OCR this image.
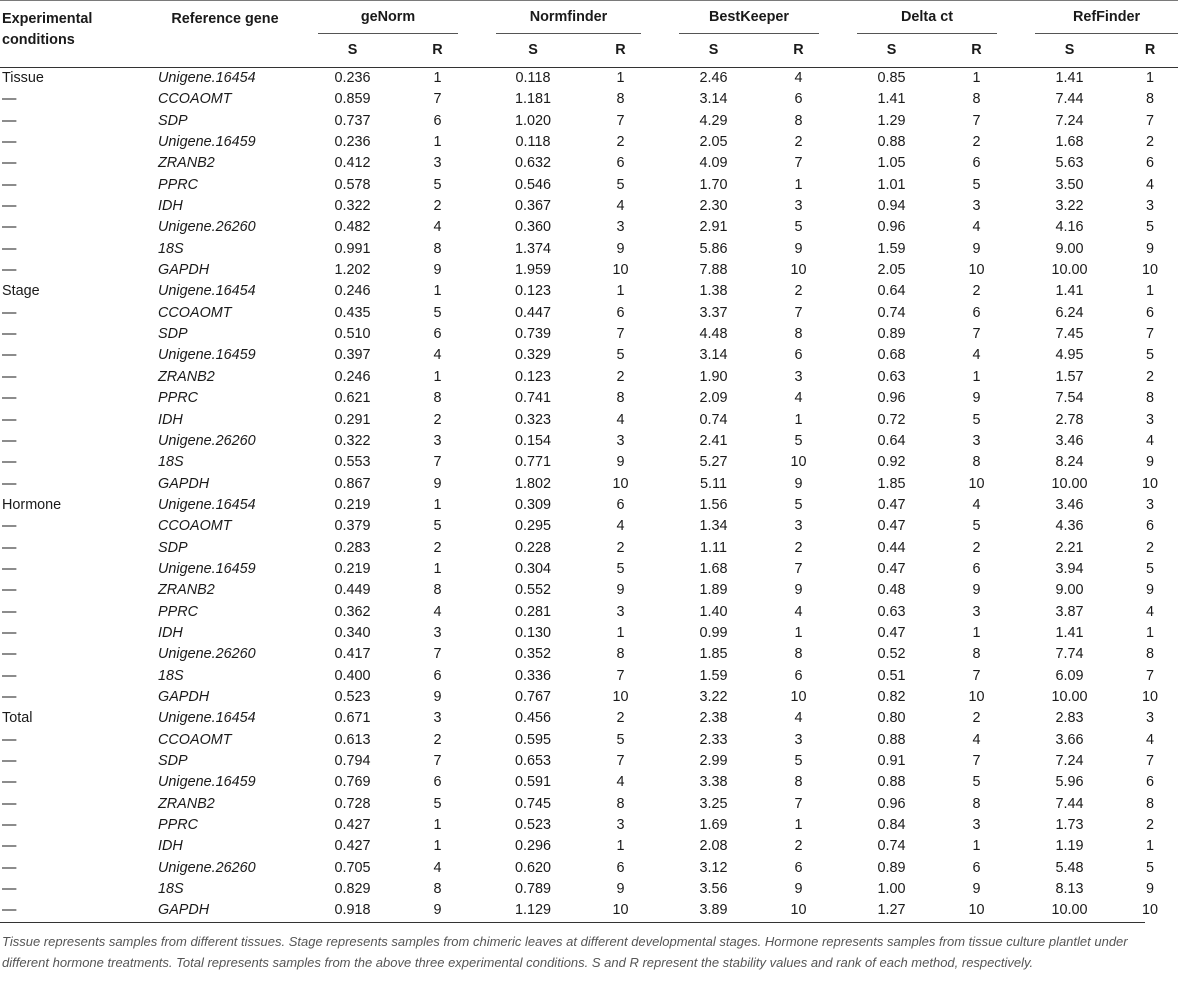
Experimental conditions	Reference gene	geNorm			Normfinder			BestKeeper			Delta ct			RefFinder	

		S	R		S	R		S	R		S	R		S	R
Tissue	Unigene.16454	0.236	1		0.118	1		2.46	4		0.85	1		1.41	1
—	CCOAOMT	0.859	7		1.181	8		3.14	6		1.41	8		7.44	8
—	SDP	0.737	6		1.020	7		4.29	8		1.29	7		7.24	7
—	Unigene.16459	0.236	1		0.118	2		2.05	2		0.88	2		1.68	2
—	ZRANB2	0.412	3		0.632	6		4.09	7		1.05	6		5.63	6
—	PPRC	0.578	5		0.546	5		1.70	1		1.01	5		3.50	4
—	IDH	0.322	2		0.367	4		2.30	3		0.94	3		3.22	3
—	Unigene.26260	0.482	4		0.360	3		2.91	5		0.96	4		4.16	5
—	18S	0.991	8		1.374	9		5.86	9		1.59	9		9.00	9
—	GAPDH	1.202	9		1.959	10		7.88	10		2.05	10		10.00	10
Stage	Unigene.16454	0.246	1		0.123	1		1.38	2		0.64	2		1.41	1
—	CCOAOMT	0.435	5		0.447	6		3.37	7		0.74	6		6.24	6
—	SDP	0.510	6		0.739	7		4.48	8		0.89	7		7.45	7
—	Unigene.16459	0.397	4		0.329	5		3.14	6		0.68	4		4.95	5
—	ZRANB2	0.246	1		0.123	2		1.90	3		0.63	1		1.57	2
—	PPRC	0.621	8		0.741	8		2.09	4		0.96	9		7.54	8
—	IDH	0.291	2		0.323	4		0.74	1		0.72	5		2.78	3
—	Unigene.26260	0.322	3		0.154	3		2.41	5		0.64	3		3.46	4
—	18S	0.553	7		0.771	9		5.27	10		0.92	8		8.24	9
—	GAPDH	0.867	9		1.802	10		5.11	9		1.85	10		10.00	10
Hormone	Unigene.16454	0.219	1		0.309	6		1.56	5		0.47	4		3.46	3
—	CCOAOMT	0.379	5		0.295	4		1.34	3		0.47	5		4.36	6
—	SDP	0.283	2		0.228	2		1.11	2		0.44	2		2.21	2
—	Unigene.16459	0.219	1		0.304	5		1.68	7		0.47	6		3.94	5
—	ZRANB2	0.449	8		0.552	9		1.89	9		0.48	9		9.00	9
—	PPRC	0.362	4		0.281	3		1.40	4		0.63	3		3.87	4
—	IDH	0.340	3		0.130	1		0.99	1		0.47	1		1.41	1
—	Unigene.26260	0.417	7		0.352	8		1.85	8		0.52	8		7.74	8
—	18S	0.400	6		0.336	7		1.59	6		0.51	7		6.09	7
—	GAPDH	0.523	9		0.767	10		3.22	10		0.82	10		10.00	10
Total	Unigene.16454	0.671	3		0.456	2		2.38	4		0.80	2		2.83	3
—	CCOAOMT	0.613	2		0.595	5		2.33	3		0.88	4		3.66	4
—	SDP	0.794	7		0.653	7		2.99	5		0.91	7		7.24	7
—	Unigene.16459	0.769	6		0.591	4		3.38	8		0.88	5		5.96	6
—	ZRANB2	0.728	5		0.745	8		3.25	7		0.96	8		7.44	8
—	PPRC	0.427	1		0.523	3		1.69	1		0.84	3		1.73	2
—	IDH	0.427	1		0.296	1		2.08	2		0.74	1		1.19	1
—	Unigene.26260	0.705	4		0.620	6		3.12	6		0.89	6		5.48	5
—	18S	0.829	8		0.789	9		3.56	9		1.00	9		8.13	9
—	GAPDH	0.918	9		1.129	10		3.89	10		1.27	10		10.00	10
Tissue represents samples from different tissues. Stage represents samples from chimeric leaves at different developmental stages. Hormone represents samples from tissue culture plantlet under different hormone treatments. Total represents samples from the above three experimental conditions. S and R represent the stability values and rank of each method, respectively.
